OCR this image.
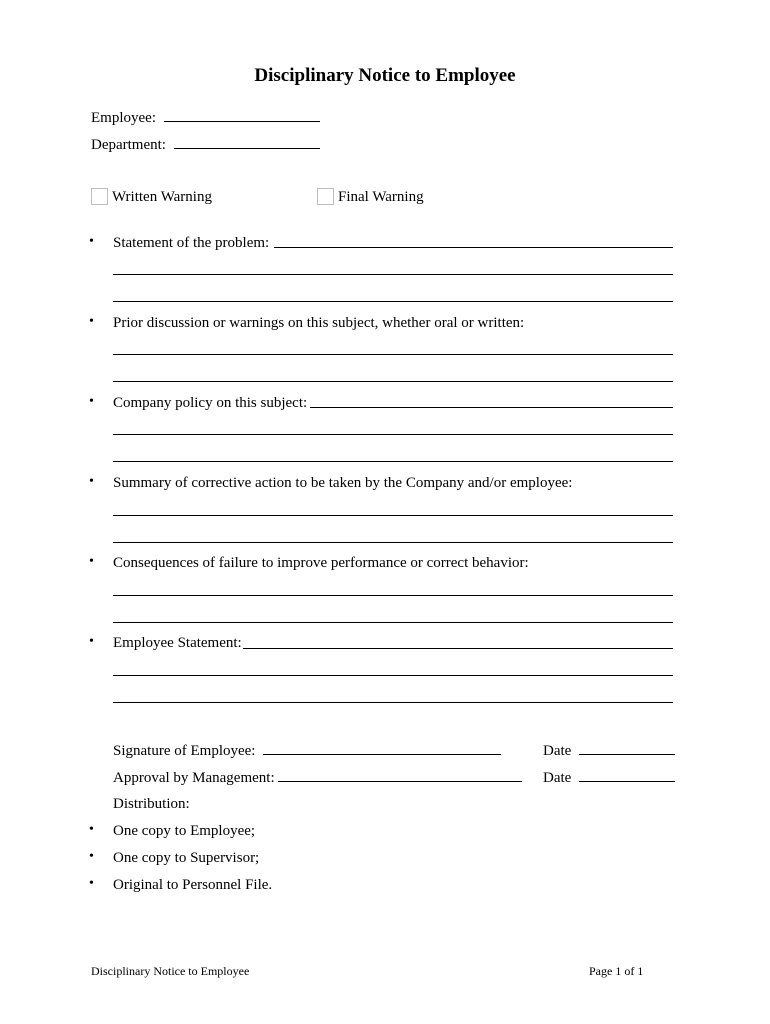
Disciplinary Notice to Employee
Employee:
Department:
Written Warning	Final Warning
• Statement of the problem:
• Prior discussion or warnings on this subject, whether oral or written:
• Company policy on this subject:
• Summary of corrective action to be taken by the Company and/or employee:
• Consequences of failure to improve performance or correct behavior:
• Employee Statement:
Signature of Employee:	Date
Approval by Management:	Date
Distribution:
• One copy to Employee;
• One copy to Supervisor;
• Original to Personnel File.
Disciplinary Notice to Employee	Page 1 of 1
